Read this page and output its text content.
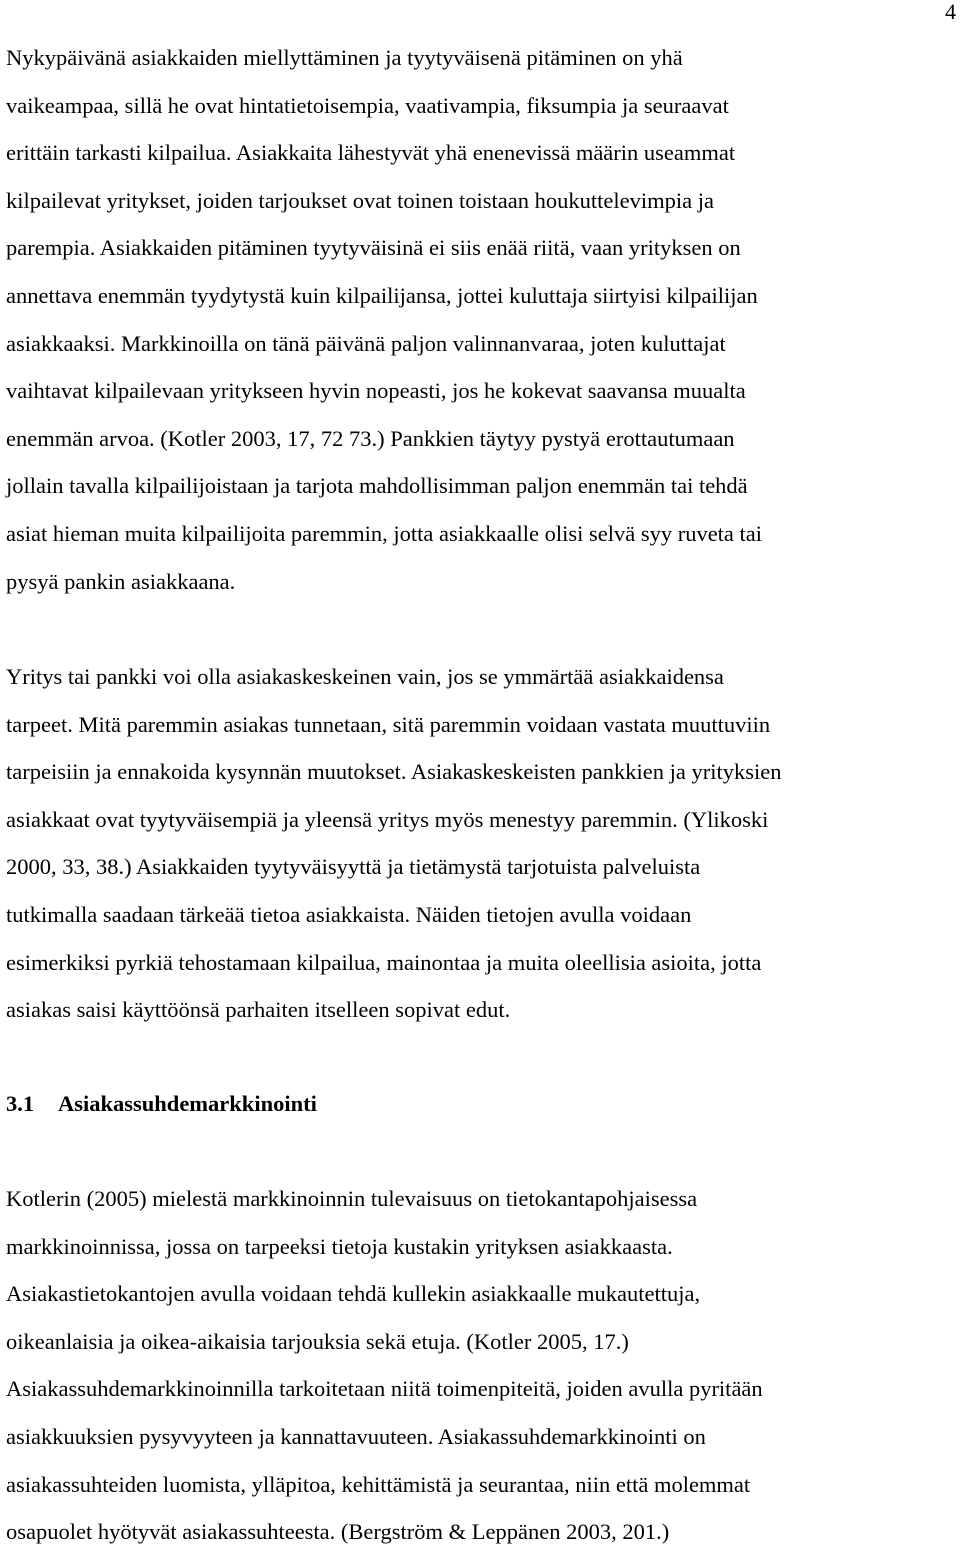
4

Nykypäivänä asiakkaiden miellyttäminen ja tyytyväisenä pitäminen on yhä
vaikeampaa, sillä he ovat hintatietoisempia, vaativampia, fiksumpia ja seuraavat
erittäin tarkasti kilpailua. Asiakkaita lähestyvät yhä enenevissä määrin useammat
kilpailevat yritykset, joiden tarjoukset ovat toinen toistaan houkuttelevimpia ja
parempia. Asiakkaiden pitäminen tyytyväisinä ei siis enää riitä, vaan yrityksen on
annettava enemmän tyydytystä kuin kilpailijansa, jottei kuluttaja siirtyisi kilpailijan
asiakkaaksi. Markkinoilla on tänä päivänä paljon valinnanvaraa, joten kuluttajat
vaihtavat kilpailevaan yritykseen hyvin nopeasti, jos he kokevat saavansa muualta
enemmän arvoa. (Kotler 2003, 17, 72 73.) Pankkien täytyy pystyä erottautumaan
jollain tavalla kilpailijoistaan ja tarjota mahdollisimman paljon enemmän tai tehdä
asiat hieman muita kilpailijoita paremmin, jotta asiakkaalle olisi selvä syy ruveta tai
pysyä pankin asiakkaana.

Yritys tai pankki voi olla asiakaskeskeinen vain, jos se ymmärtää asiakkaidensa
tarpeet. Mitä paremmin asiakas tunnetaan, sitä paremmin voidaan vastata muuttuviin
tarpeisiin ja ennakoida kysynnän muutokset. Asiakaskeskeisten pankkien ja yrityksien
asiakkaat ovat tyytyväisempiä ja yleensä yritys myös menestyy paremmin. (Ylikoski
2000, 33, 38.) Asiakkaiden tyytyväisyyttä ja tietämystä tarjotuista palveluista
tutkimalla saadaan tärkeää tietoa asiakkaista. Näiden tietojen avulla voidaan
esimerkiksi pyrkiä tehostamaan kilpailua, mainontaa ja muita oleellisia asioita, jotta
asiakas saisi käyttöönsä parhaiten itselleen sopivat edut.

3.1 Asiakassuhdemarkkinointi

Kotlerin (2005) mielestä markkinoinnin tulevaisuus on tietokantapohjaisessa
markkinoinnissa, jossa on tarpeeksi tietoja kustakin yrityksen asiakkaasta.
Asiakastietokantojen avulla voidaan tehdä kullekin asiakkaalle mukautettuja,
oikeanlaisia ja oikea-aikaisia tarjouksia sekä etuja. (Kotler 2005, 17.)
Asiakassuhdemarkkinoinnilla tarkoitetaan niitä toimenpiteitä, joiden avulla pyritään
asiakkuuksien pysyvyyteen ja kannattavuuteen. Asiakassuhdemarkkinointi on
asiakassuhteiden luomista, ylläpitoa, kehittämistä ja seurantaa, niin että molemmat
osapuolet hyötyvät asiakassuhteesta. (Bergström & Leppänen 2003, 201.)
